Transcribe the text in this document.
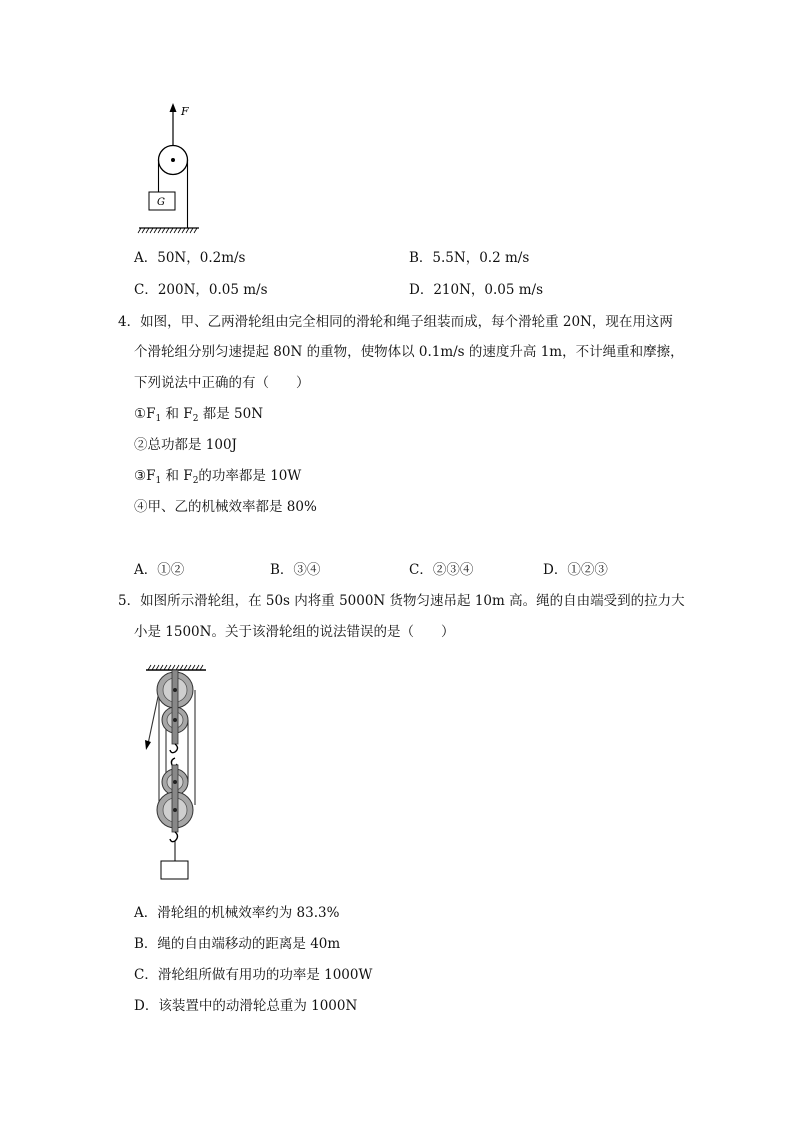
F
G
A．50N，0.2m/s	B．5.5N，0.2 m/s
C．200N，0.05 m/s	D．210N，0.05 m/s
4．如图，甲、乙两滑轮组由完全相同的滑轮和绳子组装而成，每个滑轮重 20N，现在用这两
个滑轮组分别匀速提起 80N 的重物，使物体以 0.1m/s 的速度升高 1m，不计绳重和摩擦，
下列说法中正确的有（　　）
$①F_1$ 和 $F_2$ 都是 50N
②总功都是 100J
$③F_1$ 和 $F_2$的功率都是 10W
④甲、乙的机械效率都是 80%
A．①②	B．③④	C．②③④	D．①②③
5．如图所示滑轮组，在 50s 内将重 5000N 货物匀速吊起 10m 高。绳的自由端受到的拉力大
小是 1500N。关于该滑轮组的说法错误的是（　　）
A．滑轮组的机械效率约为 83.3%
B．绳的自由端移动的距离是 40m
C．滑轮组所做有用功的功率是 1000W
D．该装置中的动滑轮总重为 1000N
